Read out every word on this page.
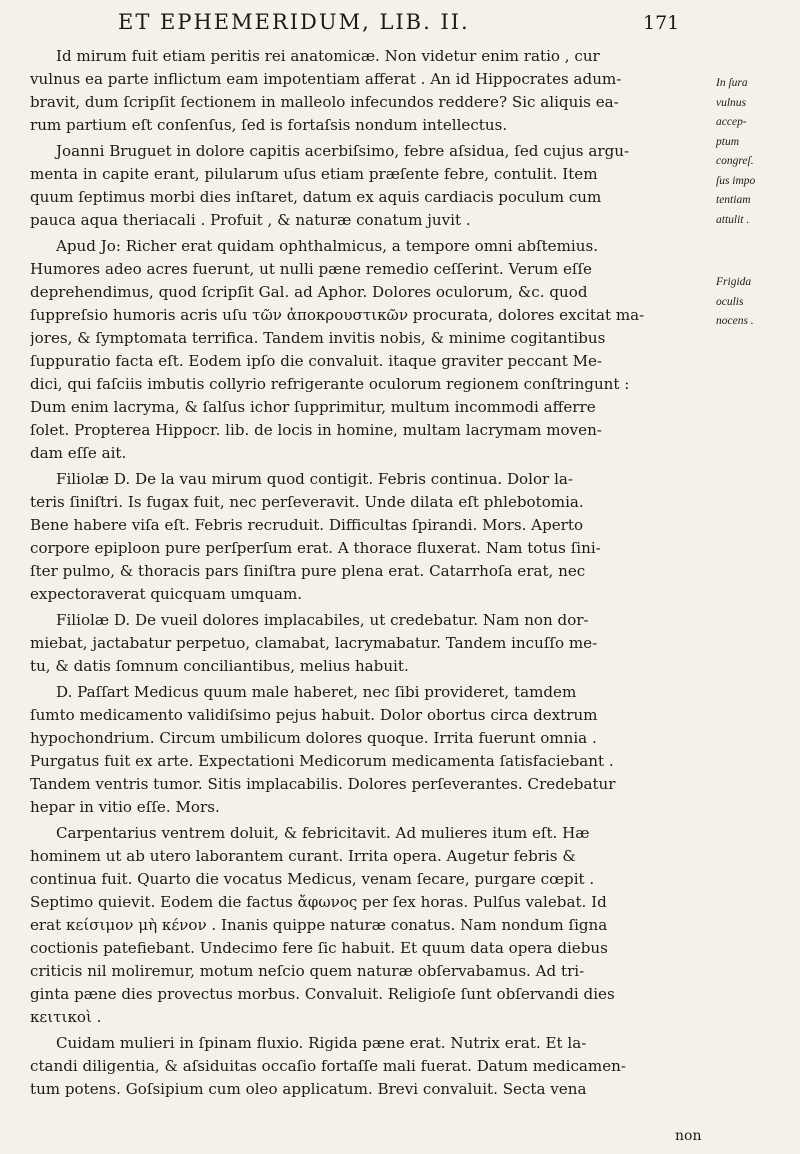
ET EPHEMERIDUM, LIB. II.	171
Id mirum fuit etiam peritis rei anatomicæ. Non videtur enim ratio , cur
vulnus ea parte inflictum eam impotentiam afferat . An id Hippocrates adum-
bravit, dum ſcripſit ſectionem in malleolo infecundos reddere? Sic aliquis ea-
rum partium eſt conſenſus, ſed is fortaſsis nondum intellectus.
Joanni Bruguet in dolore capitis acerbiſsimo, febre aſsidua, ſed cujus argu-
menta in capite erant, pilularum uſus etiam præſente febre, contulit. Item
quum ſeptimus morbi dies inſtaret, datum ex aquis cardiacis poculum cum
pauca aqua theriacali . Profuit , & naturæ conatum juvit .
Apud Jo: Richer erat quidam ophthalmicus, a tempore omni abſtemius.
Humores adeo acres fuerunt, ut nulli pæne remedio ceſſerint. Verum eſſe
deprehendimus, quod ſcripſit Gal. ad Aphor. Dolores oculorum, &c. quod
ſuppreſsio humoris acris uſu τῶν ἀποκρουστικῶν procurata, dolores excitat ma-
jores, & ſymptomata terrifica. Tandem invitis nobis, & minime cogitantibus
ſuppuratio facta eſt. Eodem ipſo die convaluit. itaque graviter peccant Me-
dici, qui faſciis imbutis collyrio refrigerante oculorum regionem conſtringunt :
Dum enim lacryma, & ſalſus ichor ſupprimitur, multum incommodi afferre
ſolet. Propterea Hippocr. lib. de locis in homine, multam lacrymam moven-
dam eſſe ait.
Filiolæ D. De la vau mirum quod contigit. Febris continua. Dolor la-
teris ſiniſtri. Is fugax fuit, nec perſeveravit. Unde dilata eſt phlebotomia.
Bene habere viſa eſt. Febris recruduit. Difficultas ſpirandi. Mors. Aperto
corpore epiploon pure perſperſum erat. A thorace fluxerat. Nam totus ſini-
ſter pulmo, & thoracis pars ſiniſtra pure plena erat. Catarrhoſa erat, nec
expectoraverat quicquam umquam.
Filiolæ D. De vueil dolores implacabiles, ut credebatur. Nam non dor-
miebat, jactabatur perpetuo, clamabat, lacrymabatur. Tandem incuſſo me-
tu, & datis ſomnum conciliantibus, melius habuit.
D. Paſſart Medicus quum male haberet, nec ſibi provideret, tamdem
ſumto medicamento validiſsimo pejus habuit. Dolor obortus circa dextrum
hypochondrium. Circum umbilicum dolores quoque. Irrita fuerunt omnia .
Purgatus fuit ex arte. Expectationi Medicorum medicamenta ſatisfaciebant .
Tandem ventris tumor. Sitis implacabilis. Dolores perſeverantes. Credebatur
hepar in vitio eſſe. Mors.
Carpentarius ventrem doluit, & febricitavit. Ad mulieres itum eſt. Hæ
hominem ut ab utero laborantem curant. Irrita opera. Augetur febris &
continua fuit. Quarto die vocatus Medicus, venam ſecare, purgare cœpit .
Septimo quievit. Eodem die factus ἄφωνος per ſex horas. Pulſus valebat. Id
erat κείσιμον μὴ κένον . Inanis quippe naturæ conatus. Nam nondum ſigna
coctionis patefiebant. Undecimo fere ſic habuit. Et quum data opera diebus
criticis nil moliremur, motum neſcio quem naturæ obſervabamus. Ad tri-
ginta pæne dies provectus morbus. Convaluit. Religioſe ſunt obſervandi dies
κειτικοὶ .
Cuidam mulieri in ſpinam fluxio. Rigida pæne erat. Nutrix erat. Et la-
ctandi diligentia, & aſsiduitas occaſio fortaſſe mali fuerat. Datum medicamen-
tum potens. Goſsipium cum oleo applicatum. Brevi convaluit. Secta vena
In ſura
vulnus
accep-
ptum
congreſ.
ſus impo
tentiam
attulit .
Frigida
oculis
nocens .
non
